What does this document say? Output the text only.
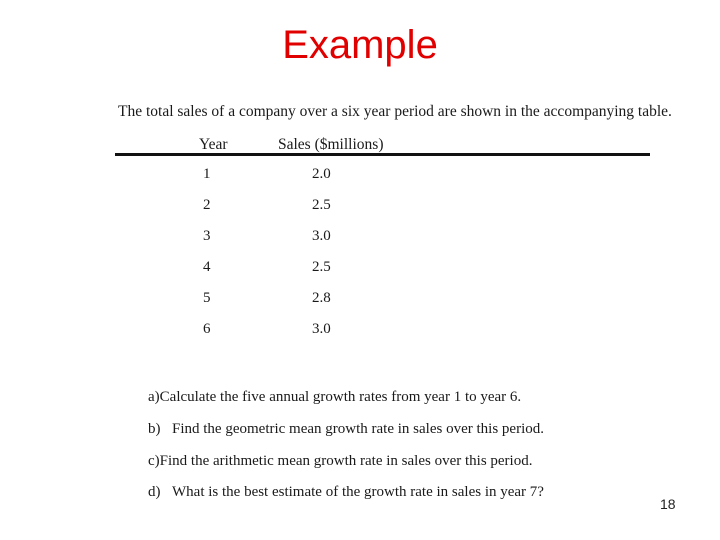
Example
The total sales of a company over a six year period are shown in the accompanying table.
Year	Sales ($millions)
1	2.0
2	2.5
3	3.0
4	2.5
5	2.8
6	3.0
a)Calculate the five annual growth rates from year 1 to year 6.
b) Find the geometric mean growth rate in sales over this period.
c)Find the arithmetic mean growth rate in sales over this period.
d) What is the best estimate of the growth rate in sales in year 7?
18
